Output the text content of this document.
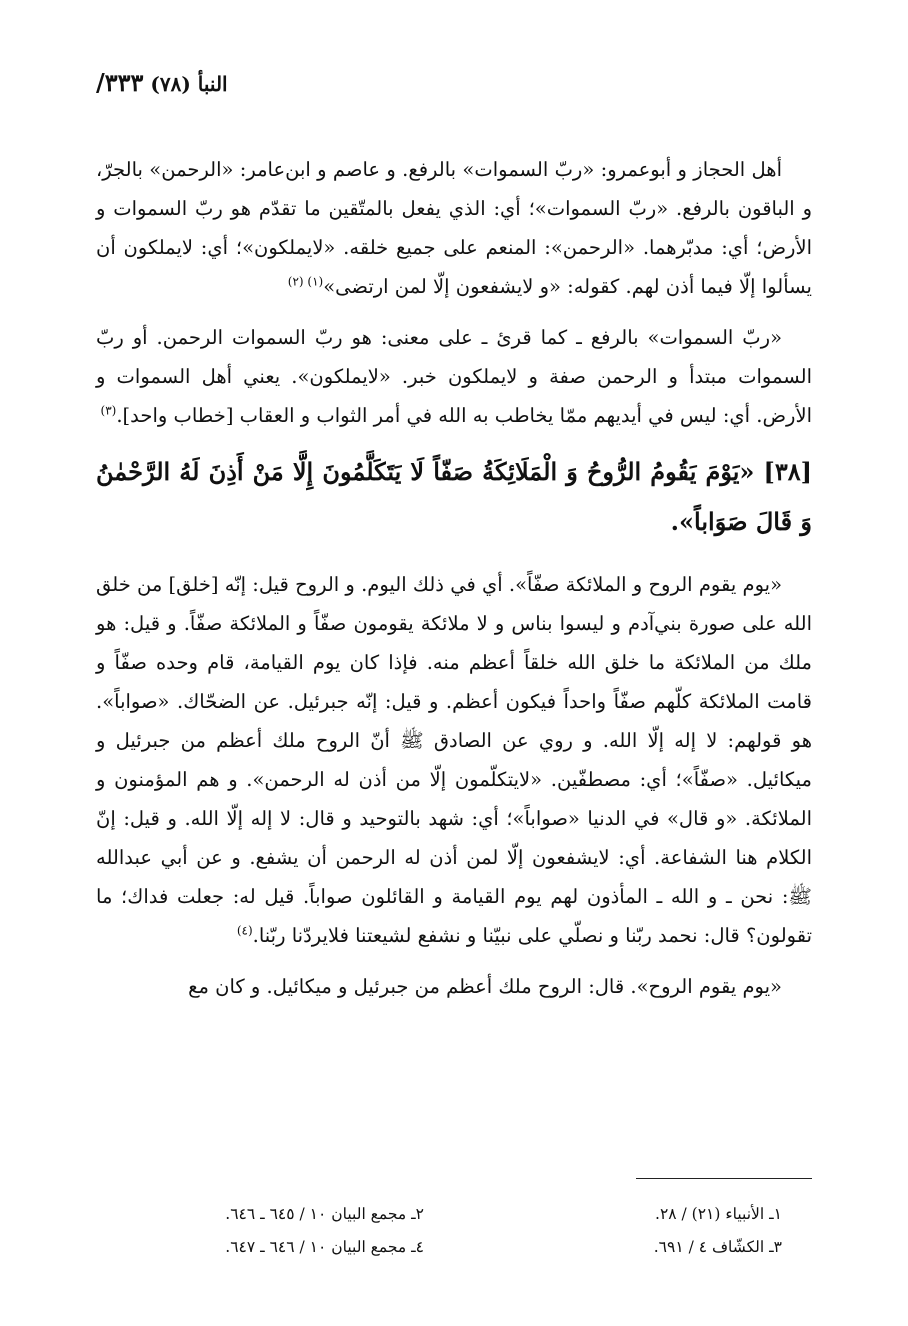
النبأ (٧٨) ٣٣٣/

أهل الحجاز و أبوعمرو: «ربّ السموات» بالرفع. و عاصم و ابن‌عامر: «الرحمن» بالجرّ، و الباقون بالرفع. «ربّ السموات»؛ أي: الذي يفعل بالمتّقين ما تقدّم هو ربّ السموات و الأرض؛ أي: مدبّرهما. «الرحمن»: المنعم على جميع خلقه. «لايملكون»؛ أي: لايملكون أن يسألوا إلّا فيما أذن لهم. كقوله: «و لايشفعون إلّا لمن ارتضى»$^{(١) (٢)}$

«ربّ السموات» بالرفع ـ كما قرئ ـ على معنى: هو ربّ السموات الرحمن. أو ربّ السموات مبتدأ و الرحمن صفة و لايملكون خبر. «لايملكون». يعني أهل السموات و الأرض. أي: ليس في أيديهم ممّا يخاطب به الله في أمر الثواب و العقاب [خطاب واحد].$^{(٣)}$

[٣٨] «يَوْمَ يَقُومُ الرُّوحُ وَ الْمَلَائِكَةُ صَفّاً لَا يَتَكَلَّمُونَ إِلَّا مَنْ أَذِنَ لَهُ الرَّحْمٰنُ وَ قَالَ صَوَاباً».

«يوم يقوم الروح و الملائكة صفّاً». أي في ذلك اليوم. و الروح قيل: إنّه [خلق] من خلق الله على صورة بني‌آدم و ليسوا بناس و لا ملائكة يقومون صفّاً و الملائكة صفّاً. و قيل: هو ملك من الملائكة ما خلق الله خلقاً أعظم منه. فإذا كان يوم القيامة، قام وحده صفّاً و قامت الملائكة كلّهم صفّاً واحداً فيكون أعظم. و قيل: إنّه جبرئيل. عن الضحّاك. «صواباً». هو قولهم: لا إله إلّا الله. و روي عن الصادق ﷺ أنّ الروح ملك أعظم من جبرئيل و ميكائيل. «صفّاً»؛ أي: مصطفّين. «لايتكلّمون إلّا من أذن له الرحمن». و هم المؤمنون و الملائكة. «و قال» في الدنيا «صواباً»؛ أي: شهد بالتوحيد و قال: لا إله إلّا الله. و قيل: إنّ الكلام هنا الشفاعة. أي: لايشفعون إلّا لمن أذن له الرحمن أن يشفع. و عن أبي عبدالله ﷺ: نحن ـ و الله ـ المأذون لهم يوم القيامة و القائلون صواباً. قيل له: جعلت فداك؛ ما تقولون؟ قال: نحمد ربّنا و نصلّي على نبيّنا و نشفع لشيعتنا فلايردّنا ربّنا.$^{(٤)}$

«يوم يقوم الروح». قال: الروح ملك أعظم من جبرئيل و ميكائيل. و كان مع

١ـ الأنبياء (٢١) / ٢٨.
٢ـ مجمع البيان ١٠ / ٦٤٥ ـ ٦٤٦.
٣ـ الكشّاف ٤ / ٦٩١.
٤ـ مجمع البيان ١٠ / ٦٤٦ ـ ٦٤٧.
